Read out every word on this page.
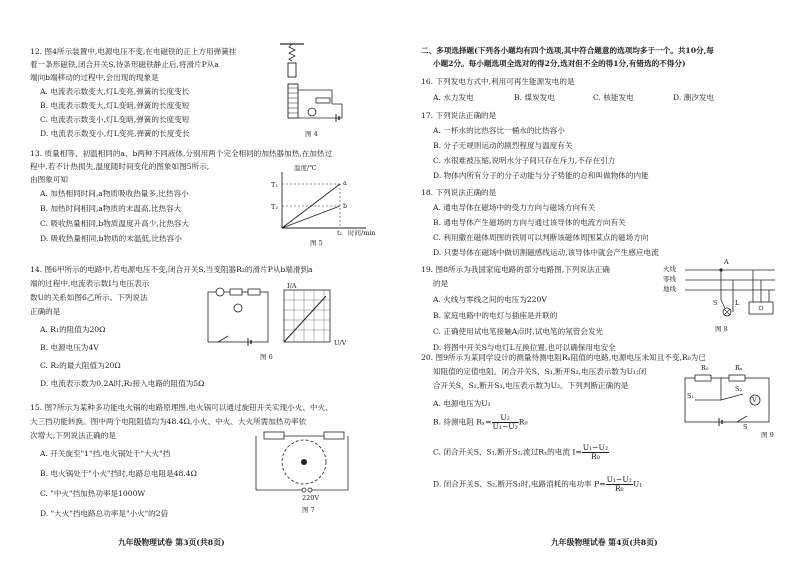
12. 图4所示装置中,电源电压不变,在电磁铁的正上方用弹簧挂
着一条形磁铁,闭合开关S,待条形磁铁静止后,将滑片P从a
端向b端移动的过程中,会出现的现象是
A. 电流表示数变大,灯L变亮,弹簧的长度变长
B. 电流表示数变大,灯L变暗,弹簧的长度变短
C. 电流表示数变小,灯L变暗,弹簧的长度变短
D. 电流表示数变小,灯L变亮,弹簧的长度变长	图 4
13. 质量相等、初温相同的a、b两种不同液体,分别用两个完全相同的加热器加热,在加热过
程中,若不计热损失,温度随时间变化的图象如图5所示,
由图象可知
A. 加热相同时间,a物质吸收热量多,比热容小
B. 加热时间相同,a物质的末温高,比热容大
C. 吸收热量相同,b物质温度升高少,比热容大
D. 吸收热量相同,b物质的末温低,比热容小
温度/℃
T₁
T₂
a
b
t₁ 时间/min
图 5
14. 图6甲所示的电路中,若电源电压不变,闭合开关S,当变阻器R₂的滑片P从b端滑到a
端的过程中,电流表示数I与电压表示
数U的关系如图6乙所示。下列说法
正确的是
A. R₁的阻值为20Ω
B. 电源电压为4V
C. R₂的最大阻值为20Ω
D. 电流表示数为0.2A时,R₂接入电路的阻值为5Ω
I/A
U/V
图 6
15. 图7所示为某种多功能电火锅的电路原理图,电火锅可以通过旋钮开关实现小火、中火、
大三挡功能转换。图中两个电阻阻值均为48.4Ω,小火、中火、大火所需加热功率依
次增大,下列说法正确的是
A. 开关旋至"1"挡,电火锅处于"大火"挡
B. 电火锅处于"小火"挡时,电路总电阻是48.4Ω
C. "中火"挡加热功率是1000W
D. "大火"挡电路总功率是"小火"的2倍
220V
图 7
九年级物理试卷 第3页(共8页)
二、多项选择题(下列各小题均有四个选项,其中符合题意的选项均多于一个。共10分,每
小题2分。每小题选项全选对的得2分,选对但不全的得1分,有错选的不得分)
16. 下列发电方式中,利用可再生能源发电的是
A. 水力发电	B. 煤炭发电	C. 核能发电	D. 潮汐发电
17. 下列说法正确的是
A. 一杯水的比热容比一桶水的比热容小
B. 分子无规则运动的剧烈程度与温度有关
C. 水很难被压缩,说明水分子间只存在斥力,不存在引力
D. 物体内所有分子的分子动能与分子势能的总和叫做物体的内能
18. 下列说法正确的是
A. 通电导体在磁场中的受力方向与磁场方向有关
B. 通电导体产生磁场的方向与通过该导体的电流方向有关
C. 利用撒在磁体周围的铁屑可以判断该磁体周围某点的磁场方向
D. 只要导体在磁场中做切割磁感线运动,该导体中就会产生感应电流
19. 图8所示为我国家庭电路的部分电路图,下列说法正确
的是
A. 火线与零线之间的电压为220V
B. 家庭电路中的电灯与插座是并联的
C. 正确使用试电笔接触A点时,试电笔的氖管会发光
D. 将图中开关S与电灯L互换位置,也可以确保用电安全
火线
零线
地线
A
S	L
图 8
20. 图9所示为某同学设计的测量待测电阻Rₓ阻值的电路,电源电压未知且不变,R₀为已
知阻值的定值电阻。闭合开关S、S₁,断开S₂,电压表示数为U₁;闭
合开关S、S₂,断开S₁,电压表示数为U₂。下列判断正确的是
A. 电源电压为U₁
B. 待测电阻 $R_x= \frac{\text{U₂}}{\text{U₁−U₂}} R_0$
C. 闭合开关S、S₁,断开S₂,流过Rₓ的电流 $I= \frac{\text{U₁−U₂}}{\text{R₀}}$
D. 闭合开关S、S₂,断开S₁时,电路消耗的电功率 $P= \frac{\text{U₁−U₂}}{\text{R₀}} U_1$
R₀	Rₓ
S₁
S₂
V
S
图 9
九年级物理试卷 第4页(共8页)
